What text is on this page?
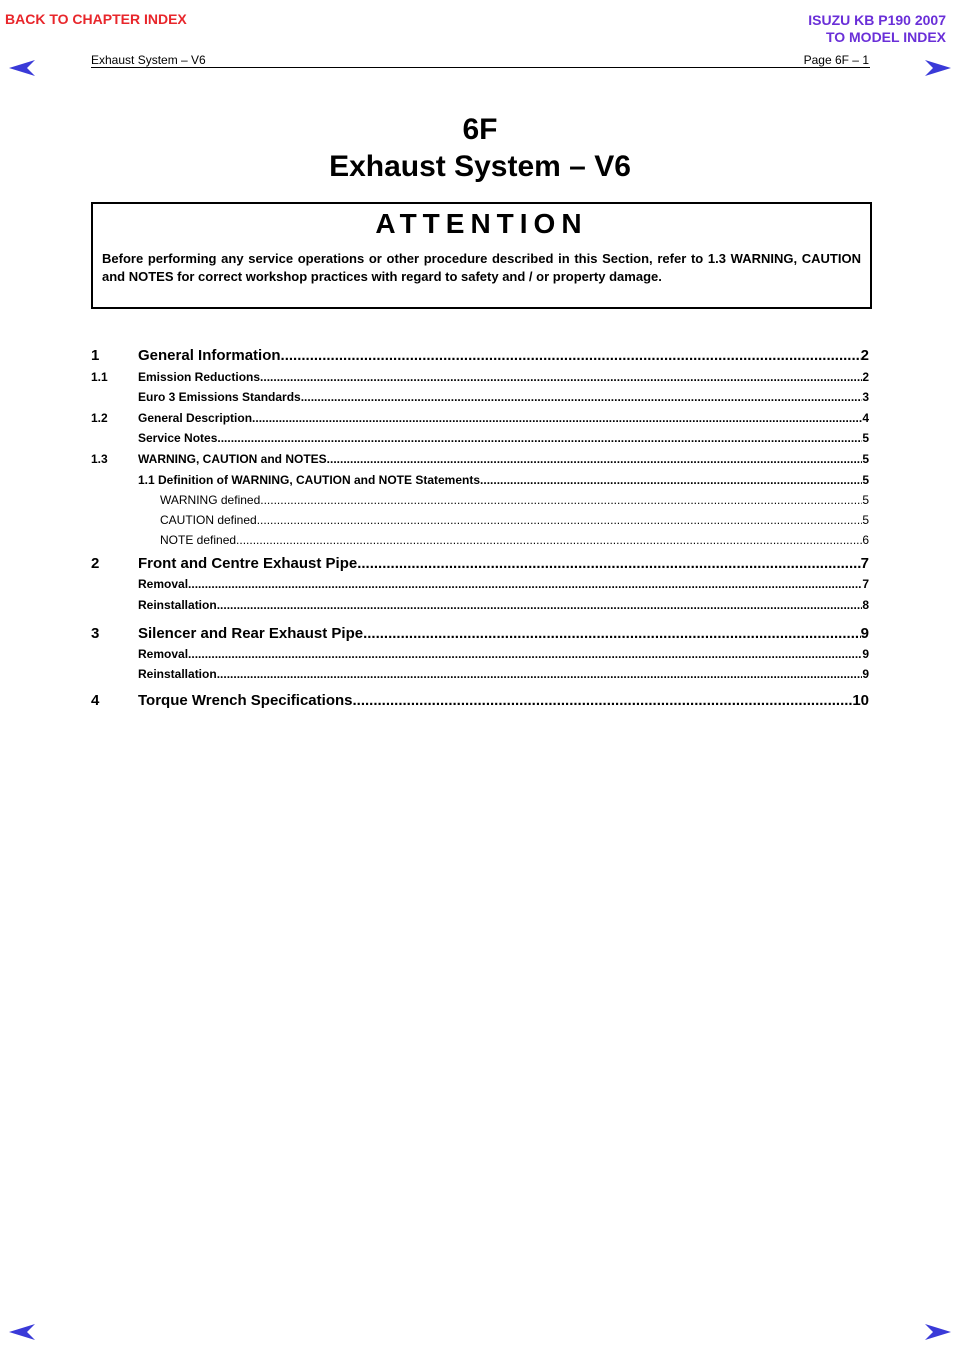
BACK TO CHAPTER INDEX	ISUZU KB P190 2007
TO MODEL INDEX
Exhaust System – V6	Page 6F – 1
6F
Exhaust System – V6
ATTENTION
Before performing any service operations or other procedure described in this Section, refer to 1.3 WARNING, CAUTION and NOTES for correct workshop practices with regard to safety and / or property damage.
1	General Information .....	2
1.1	Emission Reductions .....	2
Euro 3 Emissions Standards .....	3
1.2	General Description .....	4
Service Notes .....	5
1.3	WARNING, CAUTION and NOTES .....	5
1.1 Definition of WARNING, CAUTION and NOTE Statements .....	5
WARNING defined .....	5
CAUTION defined .....	5
NOTE defined .....	6
2	Front and Centre Exhaust Pipe .....	7
Removal .....	7
Reinstallation .....	8
3	Silencer and Rear Exhaust Pipe .....	9
Removal .....	9
Reinstallation .....	9
4	Torque Wrench Specifications .....	10
